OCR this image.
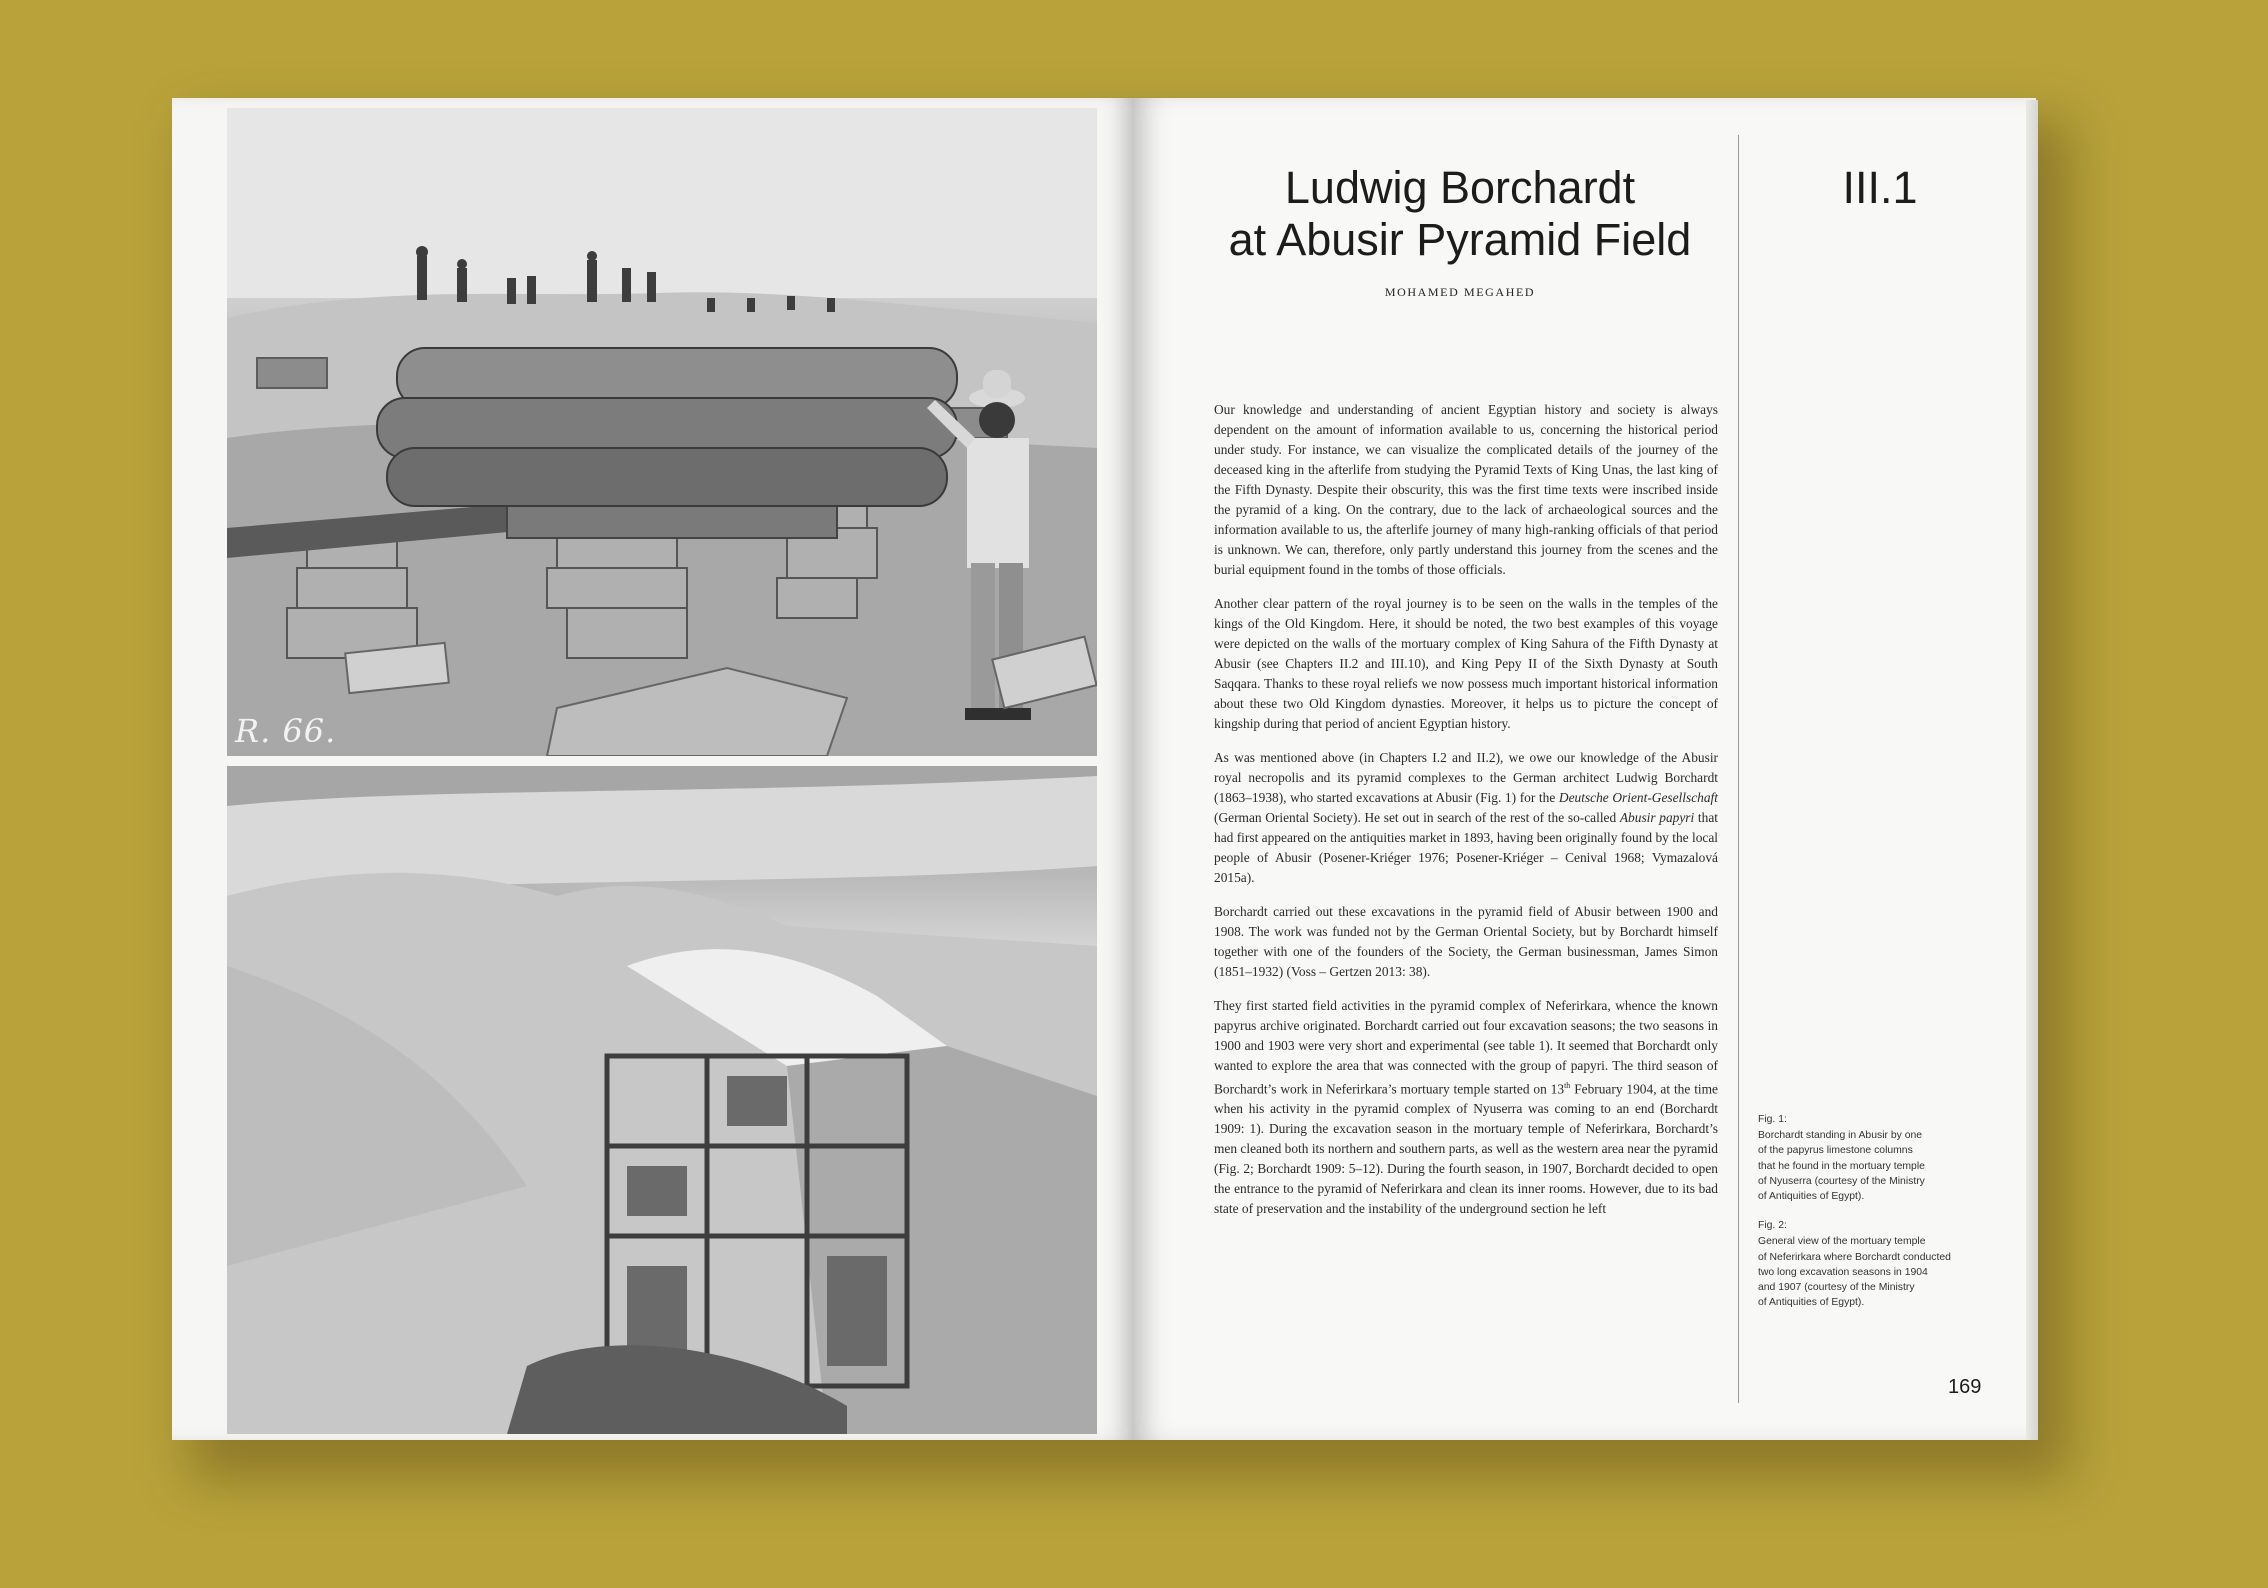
R. 66.
Ludwig Borchardt
at Abusir Pyramid Field
MOHAMED MEGAHED
III.1

Our knowledge and understanding of ancient Egyptian history and society is always dependent on the amount of information available to us, concerning the historical period under study. For instance, we can visualize the complicated details of the journey of the deceased king in the afterlife from studying the Pyramid Texts of King Unas, the last king of the Fifth Dynasty. Despite their obscurity, this was the first time texts were inscribed inside the pyramid of a king. On the contrary, due to the lack of archaeological sources and the information available to us, the afterlife journey of many high-ranking officials of that period is unknown. We can, therefore, only partly understand this journey from the scenes and the burial equipment found in the tombs of those officials.

Another clear pattern of the royal journey is to be seen on the walls in the temples of the kings of the Old Kingdom. Here, it should be noted, the two best examples of this voyage were depicted on the walls of the mortuary complex of King Sahura of the Fifth Dynasty at Abusir (see Chapters II.2 and III.10), and King Pepy II of the Sixth Dynasty at South Saqqara. Thanks to these royal reliefs we now possess much important historical information about these two Old Kingdom dynasties. Moreover, it helps us to picture the concept of kingship during that period of ancient Egyptian history.

As was mentioned above (in Chapters I.2 and II.2), we owe our knowledge of the Abusir royal necropolis and its pyramid complexes to the German architect Ludwig Borchardt (1863–1938), who started excavations at Abusir (Fig. 1) for the Deutsche Orient-Gesellschaft (German Oriental Society). He set out in search of the rest of the so-called Abusir papyri that had first appeared on the antiquities market in 1893, having been originally found by the local people of Abusir (Posener-Kriéger 1976; Posener-Kriéger – Cenival 1968; Vymazalová 2015a).

Borchardt carried out these excavations in the pyramid field of Abusir between 1900 and 1908. The work was funded not by the German Oriental Society, but by Borchardt himself together with one of the founders of the Society, the German businessman, James Simon (1851–1932) (Voss – Gertzen 2013: 38).

They first started field activities in the pyramid complex of Neferirkara, whence the known papyrus archive originated. Borchardt carried out four excavation seasons; the two seasons in 1900 and 1903 were very short and experimental (see table 1). It seemed that Borchardt only wanted to explore the area that was connected with the group of papyri. The third season of Borchardt’s work in Neferirkara’s mortuary temple started on 13th February 1904, at the time when his activity in the pyramid complex of Nyuserra was coming to an end (Borchardt 1909: 1). During the excavation season in the mortuary temple of Neferirkara, Borchardt’s men cleaned both its northern and southern parts, as well as the western area near the pyramid (Fig. 2; Borchardt 1909: 5–12). During the fourth season, in 1907, Borchardt decided to open the entrance to the pyramid of Neferirkara and clean its inner rooms. However, due to its bad state of preservation and the instability of the underground section he left

Fig. 1:
Borchardt standing in Abusir by one
of the papyrus limestone columns
that he found in the mortuary temple
of Nyuserra (courtesy of the Ministry
of Antiquities of Egypt).
Fig. 2:
General view of the mortuary temple
of Neferirkara where Borchardt conducted
two long excavation seasons in 1904
and 1907 (courtesy of the Ministry
of Antiquities of Egypt).
169
